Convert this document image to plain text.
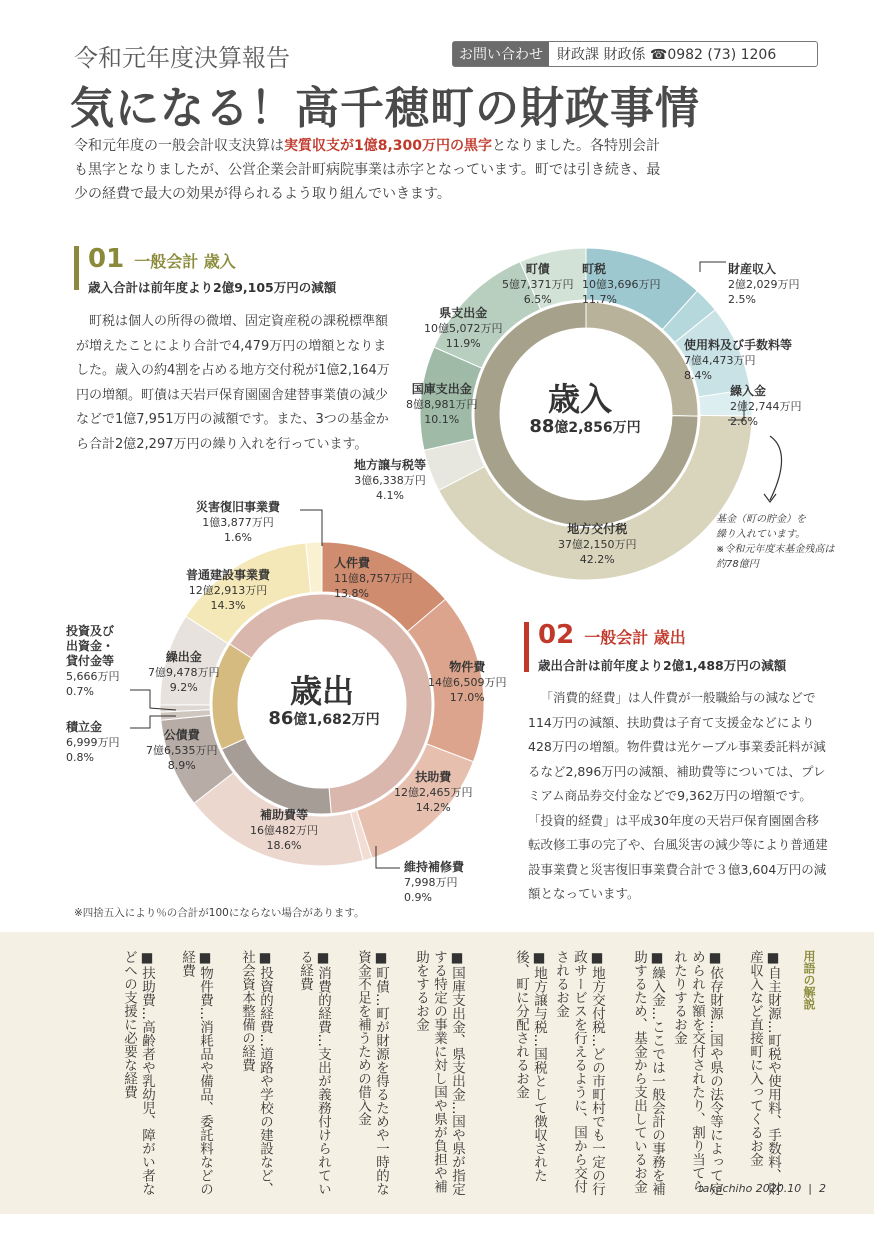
令和元年度決算報告	お問い合わせ	財政課 財政係 ☎0982 (73) 1206
気になる！高千穂町の財政事情
令和元年度の一般会計収支決算は実質収支が1億8,300万円の黒字となりました。各特別会計も黒字となりましたが、公営企業会計町病院事業は赤字となっています。町では引き続き、最少の経費で最大の効果が得られるよう取り組んでいきます。
01 一般会計 歳入
歳入合計は前年度より2億9,105万円の減額
町税は個人の所得の微増、固定資産税の課税標準額が増えたことにより合計で4,479万円の増額となりました。歳入の約4割を占める地方交付税が1億2,164万円の増額。町債は天岩戸保育園園舎建替事業債の減少などで1億7,951万円の減額です。また、3つの基金から合計2億2,297万円の繰り入れを行っています。
歳入
88億2,856万円
歳出
86億1,682万円
町税
10億3,696万円
11.7%
財産収入
2億2,029万円
2.5%
使用料及び手数料等
7億4,473万円
8.4%
繰入金
2億2,744万円
2.6%
地方交付税
37億2,150万円
42.2%
地方譲与税等
3億6,338万円
4.1%
国庫支出金
8億8,981万円
10.1%
県支出金
10億5,072万円
11.9%
町債
5億7,371万円
6.5%
基金（町の貯金）を
繰り入れています。
※令和元年度末基金残高は
約78億円
人件費
11億8,757万円
13.8%
物件費
14億6,509万円
17.0%
扶助費
12億2,465万円
14.2%
維持補修費
7,998万円
0.9%
補助費等
16億482万円
18.6%
公債費
7億6,535万円
8.9%
積立金
6,999万円
0.8%
投資及び
出資金・
貸付金等
5,666万円
0.7%
繰出金
7億9,478万円
9.2%
普通建設事業費
12億2,913万円
14.3%
災害復旧事業費
1億3,877万円
1.6%
02 一般会計 歳出
歳出合計は前年度より2億1,488万円の減額
「消費的経費」は人件費が一般職給与の減などで114万円の減額、扶助費は子育て支援金などにより428万円の増額。物件費は光ケーブル事業委託料が減るなど2,896万円の減額、補助費等については、プレミアム商品券交付金などで9,362万円の増額です。「投資的経費」は平成30年度の天岩戸保育園園舎移転改修工事の完了や、台風災害の減少等により普通建設事業費と災害復旧事業費合計で３億3,604万円の減額となっています。
※四捨五入により％の合計が100にならない場合があります。
用語の解説
■自主財源…町税や使用料、手数料、財産収入など直接町に入ってくるお金
■依存財源…国や県の法令等によって定められた額を交付されたり、割り当てられたりするお金
■繰入金…ここでは一般会計の事務を補助するため、基金から支出しているお金
■地方交付税…どの市町村でも一定の行政サービスを行えるように、国から交付されるお金
■地方譲与税…国税として徴収された後、町に分配されるお金
■国庫支出金、県支出金…国や県が指定する特定の事業に対し国や県が負担や補助をするお金
■町債…町が財源を得るためや一時的な資金不足を補うための借入金
■消費的経費…支出が義務付けられている経費
■投資的経費…道路や学校の建設など、社会資本整備の経費
■物件費…消耗品や備品、委託料などの経費
■扶助費…高齢者や乳幼児、障がい者などへの支援に必要な経費
takachiho 2020.10  |  2
